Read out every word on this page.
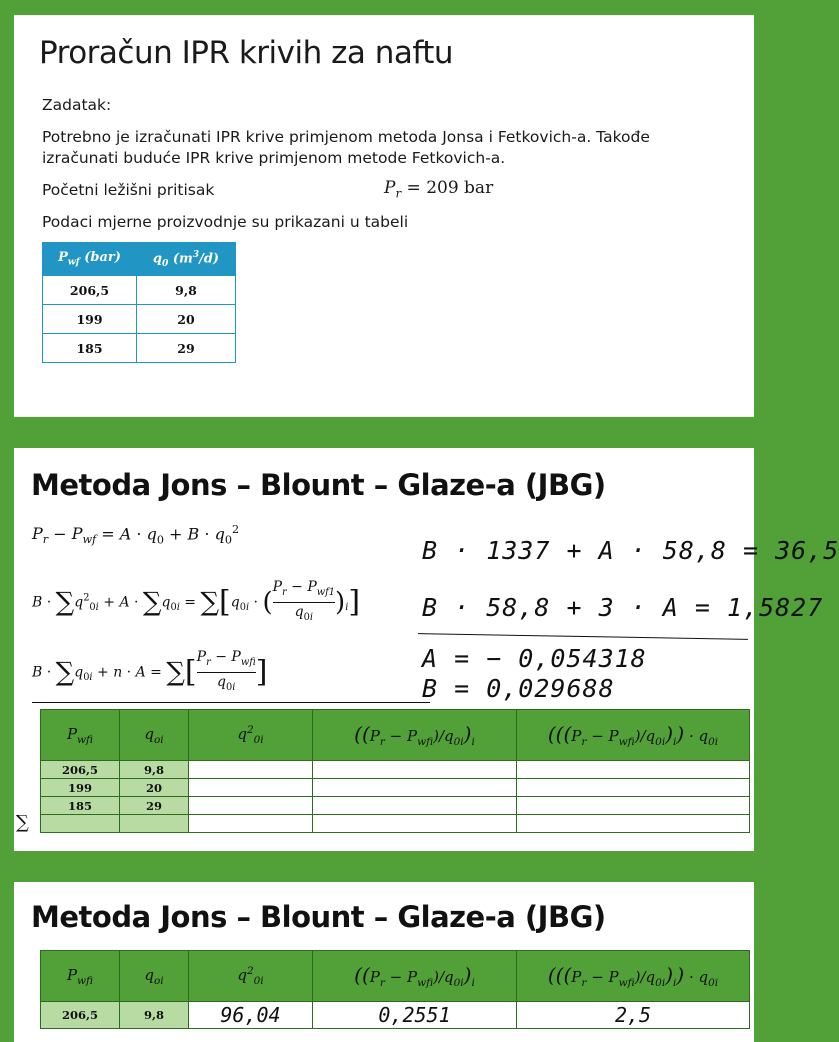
Proračun IPR krivih za naftu
Zadatak:
Potrebno je izračunati IPR krive primjenom metoda Jonsa i Fetkovich-a. Takođe
izračunati buduće IPR krive primjenom metode Fetkovich-a.
Početni ležišni pritisak	$P_r = 209$ bar
Podaci mjerne proizvodnje su prikazani u tabeli
$P_{wf}$ (bar)	$q_0$ $(m^3/d)$
206,5	9,8
199	20
185	29
Metoda Jons – Blount – Glaze-a (JBG)
$P_r - P_{wf} = A \cdot q_0 + B \cdot q_0^2$
$B \cdot \sum q^2_{0i} + A \cdot \sum q_{0i} = \sum[q_{0i}$ · (
$P_r - P_{wf1}$
$q_{0i}$ )$_i$]
$B \cdot \sum q_{0i} + n \cdot A$ = ∑[ $P_r - P_{wfi}$
$q_{0i}$ ]
B · 1337 + A · 58,8 = 36,5
B · 58,8 + 3 · A = 1,5827
A = − 0,054318
B = 0,029688
$P_{wfi}$	$q_{oi}$	$q^2_{0i}$	$((P_r - P_{wfi})/q_{0i})_i$	$(((P_r - P_{wfi})/q_{0i})_i) \cdot q_{0i}$
206,5	9,8			
199	20			
185	29			

∑
Metoda Jons – Blount – Glaze-a (JBG)
$P_{wfi}$	$q_{oi}$	$q^2_{0i}$	$((P_r - P_{wfi})/q_{0i})_i$	$(((P_r - P_{wfi})/q_{0i})_i) \cdot q_{0i}$
206,5	9,8	96,04	0,2551	2,5
